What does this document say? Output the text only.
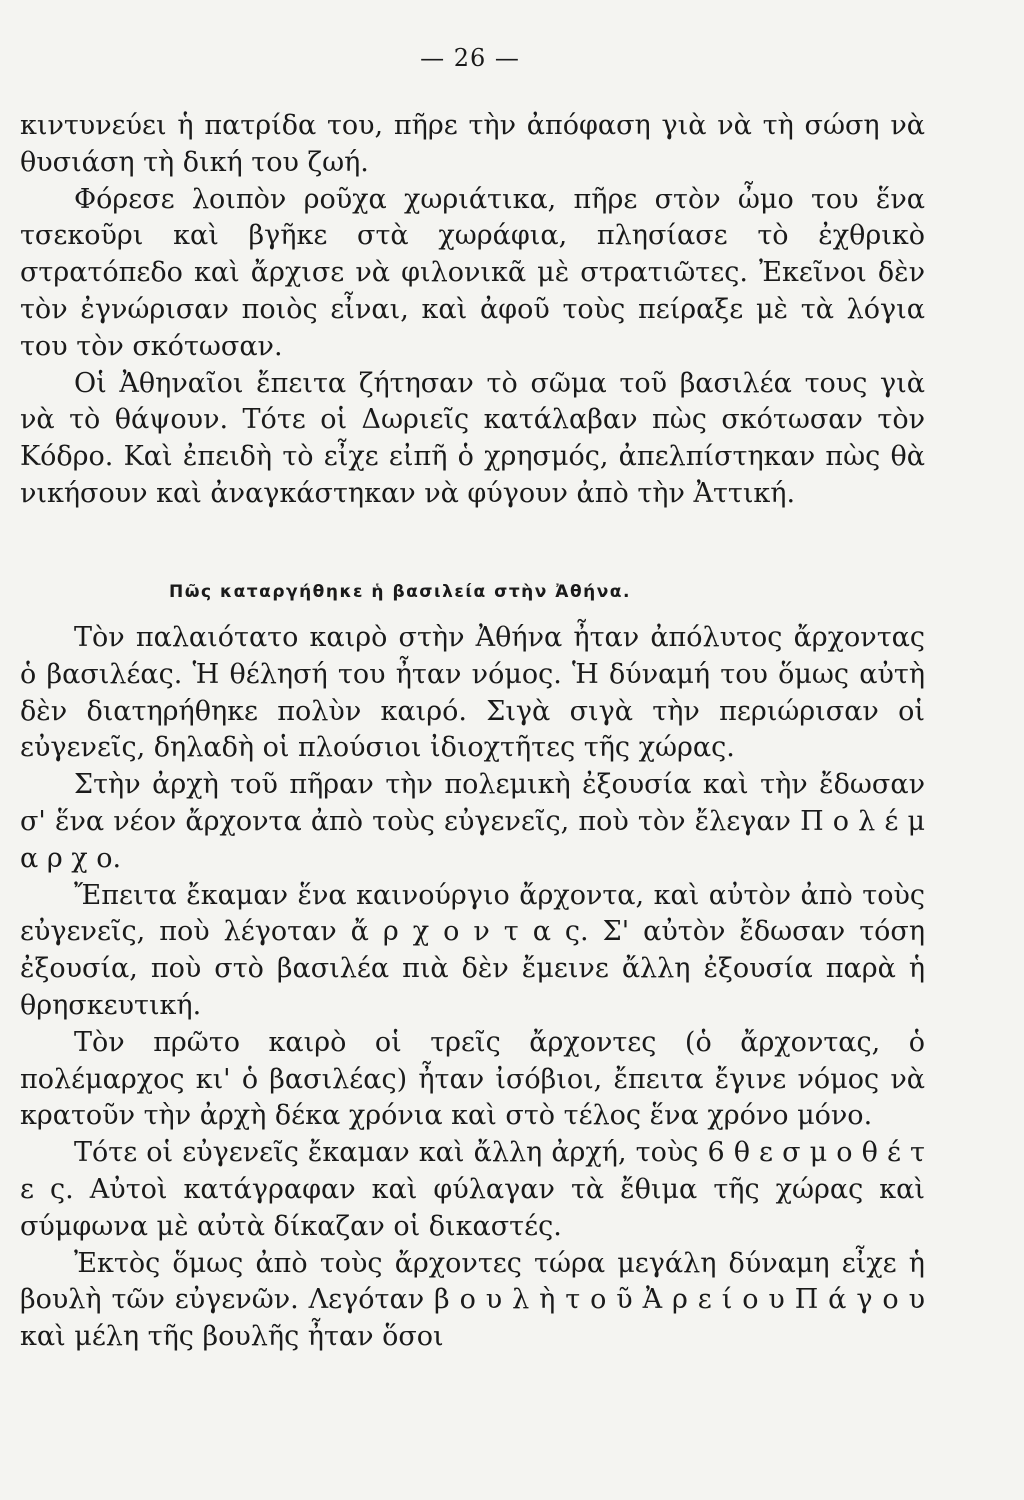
— 26 —

κιντυνεύει ἡ πατρίδα του, πῆρε τὴν ἀπόφαση γιὰ νὰ τὴ σώση νὰ θυσιάση τὴ δική του ζωή.

Φόρεσε λοιπὸν ροῦχα χωριάτικα, πῆρε στὸν ὦμο του ἕνα τσεκοῦρι καὶ βγῆκε στὰ χωράφια, πλησίασε τὸ ἐχθρικὸ στρατόπεδο καὶ ἄρχισε νὰ φιλονικᾶ μὲ στρατιῶτες. Ἐκεῖνοι δὲν τὸν ἐγνώρισαν ποιὸς εἶναι, καὶ ἀφοῦ τοὺς πείραξε μὲ τὰ λόγια του τὸν σκότωσαν.

Οἱ Ἀθηναῖοι ἔπειτα ζήτησαν τὸ σῶμα τοῦ βασιλέα τους γιὰ νὰ τὸ θάψουν. Τότε οἱ Δωριεῖς κατάλαβαν πὼς σκότωσαν τὸν Κόδρο. Καὶ ἐπειδὴ τὸ εἶχε εἰπῆ ὁ χρησμός, ἀπελπίστηκαν πὼς θὰ νικήσουν καὶ ἀναγκάστηκαν νὰ φύγουν ἀπὸ τὴν Ἀττική.

Πῶς καταργήθηκε ἡ βασιλεία στὴν Ἀθήνα.

Τὸν παλαιότατο καιρὸ στὴν Ἀθήνα ἦταν ἀπόλυτος ἄρχοντας ὁ βασιλέας. Ἡ θέλησή του ἦταν νόμος. Ἡ δύναμή του ὅμως αὐτὴ δὲν διατηρήθηκε πολὺν καιρό. Σιγὰ σιγὰ τὴν περιώρισαν οἱ εὐγενεῖς, δηλαδὴ οἱ πλούσιοι ἰδιοχτῆτες τῆς χώρας.

Στὴν ἀρχὴ τοῦ πῆραν τὴν πολεμικὴ ἐξουσία καὶ τὴν ἔδωσαν σ' ἕνα νέον ἄρχοντα ἀπὸ τοὺς εὐγενεῖς, ποὺ τὸν ἔλεγαν Π ο λ έ μ α ρ χ ο.

Ἔπειτα ἔκαμαν ἕνα καινούργιο ἄρχοντα, καὶ αὐτὸν ἀπὸ τοὺς εὐγενεῖς, ποὺ λέγοταν ἄ ρ χ ο ν τ α ς. Σ' αὐτὸν ἔδωσαν τόση ἐξουσία, ποὺ στὸ βασιλέα πιὰ δὲν ἔμεινε ἄλλη ἐξουσία παρὰ ἡ θρησκευτική.

Τὸν πρῶτο καιρὸ οἱ τρεῖς ἄρχοντες (ὁ ἄρχοντας, ὁ πολέμαρχος κι' ὁ βασιλέας) ἦταν ἰσόβιοι, ἔπειτα ἔγινε νόμος νὰ κρατοῦν τὴν ἀρχὴ δέκα χρόνια καὶ στὸ τέλος ἕνα χρόνο μόνο.

Τότε οἱ εὐγενεῖς ἔκαμαν καὶ ἄλλη ἀρχή, τοὺς 6 θ ε σ μ ο θ έ τ ε ς. Αὐτοὶ κατάγραφαν καὶ φύλαγαν τὰ ἔθιμα τῆς χώρας καὶ σύμφωνα μὲ αὐτὰ δίκαζαν οἱ δικαστές.

Ἐκτὸς ὅμως ἀπὸ τοὺς ἄρχοντες τώρα μεγάλη δύναμη εἶχε ἡ βουλὴ τῶν εὐγενῶν. Λεγόταν β ο υ λ ὴ τ ο ῦ Ἀ ρ ε ί ο υ Π ά γ ο υ καὶ μέλη τῆς βουλῆς ἦταν ὅσοι
